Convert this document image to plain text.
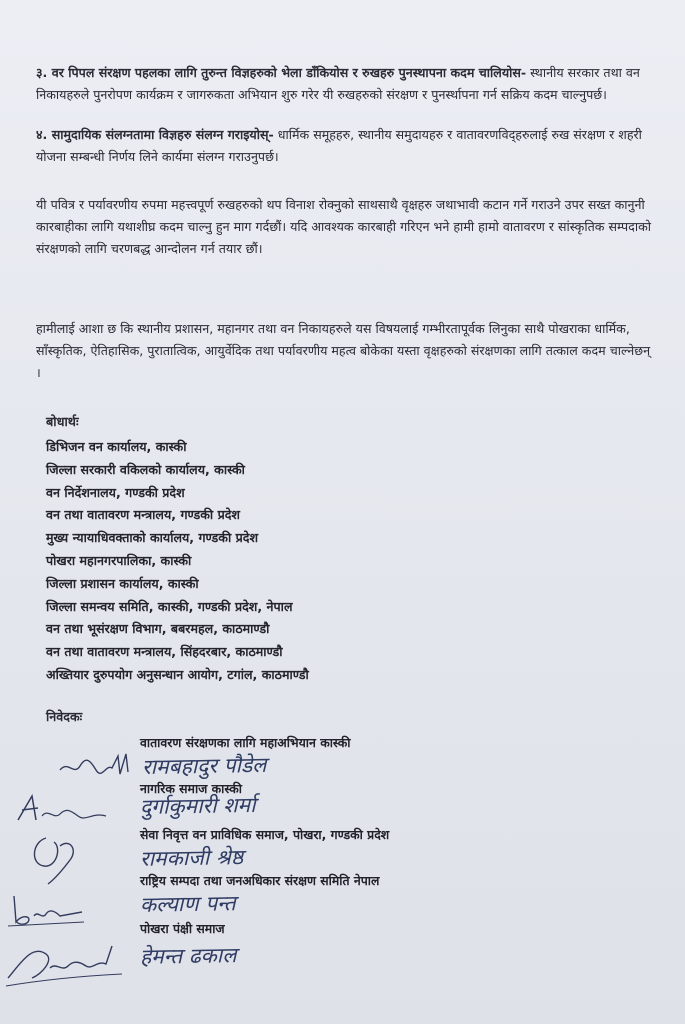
३. वर पिपल संरक्षण पहलका लागि तुरुन्त विज्ञहरुको भेला डाँकियोस र रुखहरु पुनस्थापना कदम चालियोस- स्थानीय सरकार तथा वन निकायहरुले पुनरोपण कार्यक्रम र जागरुकता अभियान शुरु गरेर यी रुखहरुको संरक्षण र पुनर्स्थापना गर्न सक्रिय कदम चाल्नुपर्छ।
४. सामुदायिक संलग्नतामा विज्ञहरु संलग्न गराइयोस्- धार्मिक समूहहरु, स्थानीय समुदायहरु र वातावरणविद्हरुलाई रुख संरक्षण र शहरी योजना सम्बन्धी निर्णय लिने कार्यमा संलग्न गराउनुपर्छ।
यी पवित्र र पर्यावरणीय रुपमा महत्त्वपूर्ण रुखहरुको थप विनाश रोक्नुको साथसाथै वृक्षहरु जथाभावी कटान गर्ने गराउने उपर सख्त कानुनी कारबाहीका लागि यथाशीघ्र कदम चाल्नु हुन माग गर्दछौं। यदि आवश्यक कारबाही गरिएन भने हामी हामो वातावरण र सांस्कृतिक सम्पदाको संरक्षणको लागि चरणबद्ध आन्दोलन गर्न तयार छौं।
हामीलाई आशा छ कि स्थानीय प्रशासन, महानगर तथा वन निकायहरुले यस विषयलाई गम्भीरतापूर्वक लिनुका साथै पोखराका धार्मिक, साँस्कृतिक, ऐतिहासिक, पुरातात्विक, आयुर्वेदिक तथा पर्यावरणीय महत्व बोकेका यस्ता वृक्षहरुको संरक्षणका लागि तत्काल कदम चाल्नेछन् ।
बोधार्थः
डिभिजन वन कार्यालय, कास्की
जिल्ला सरकारी वकिलको कार्यालय, कास्की
वन निर्देशनालय, गण्डकी प्रदेश
वन तथा वातावरण मन्त्रालय, गण्डकी प्रदेश
मुख्य न्यायाधिवक्ताको कार्यालय, गण्डकी प्रदेश
पोखरा महानगरपालिका, कास्की
जिल्ला प्रशासन कार्यालय, कास्की
जिल्ला समन्वय समिति, कास्की, गण्डकी प्रदेश, नेपाल
वन तथा भूसंरक्षण विभाग, बबरमहल, काठमाण्डौ
वन तथा वातावरण मन्त्रालय, सिंहदरबार, काठमाण्डौ
अख्तियार दुरुपयोग अनुसन्धान आयोग, टगांल, काठमाण्डौ
निवेदकः
वातावरण संरक्षणका लागि महाअभियान कास्की
रामबहादुर पौडेल
नागरिक समाज कास्की
दुर्गाकुमारी शर्मा
सेवा निवृत्त वन प्राविधिक समाज, पोखरा, गण्डकी प्रदेश
रामकाजी श्रेष्ठ
राष्ट्रिय सम्पदा तथा जनअधिकार संरक्षण समिति नेपाल
कल्याण पन्त
पोखरा पंक्षी समाज
हेमन्त ढकाल
